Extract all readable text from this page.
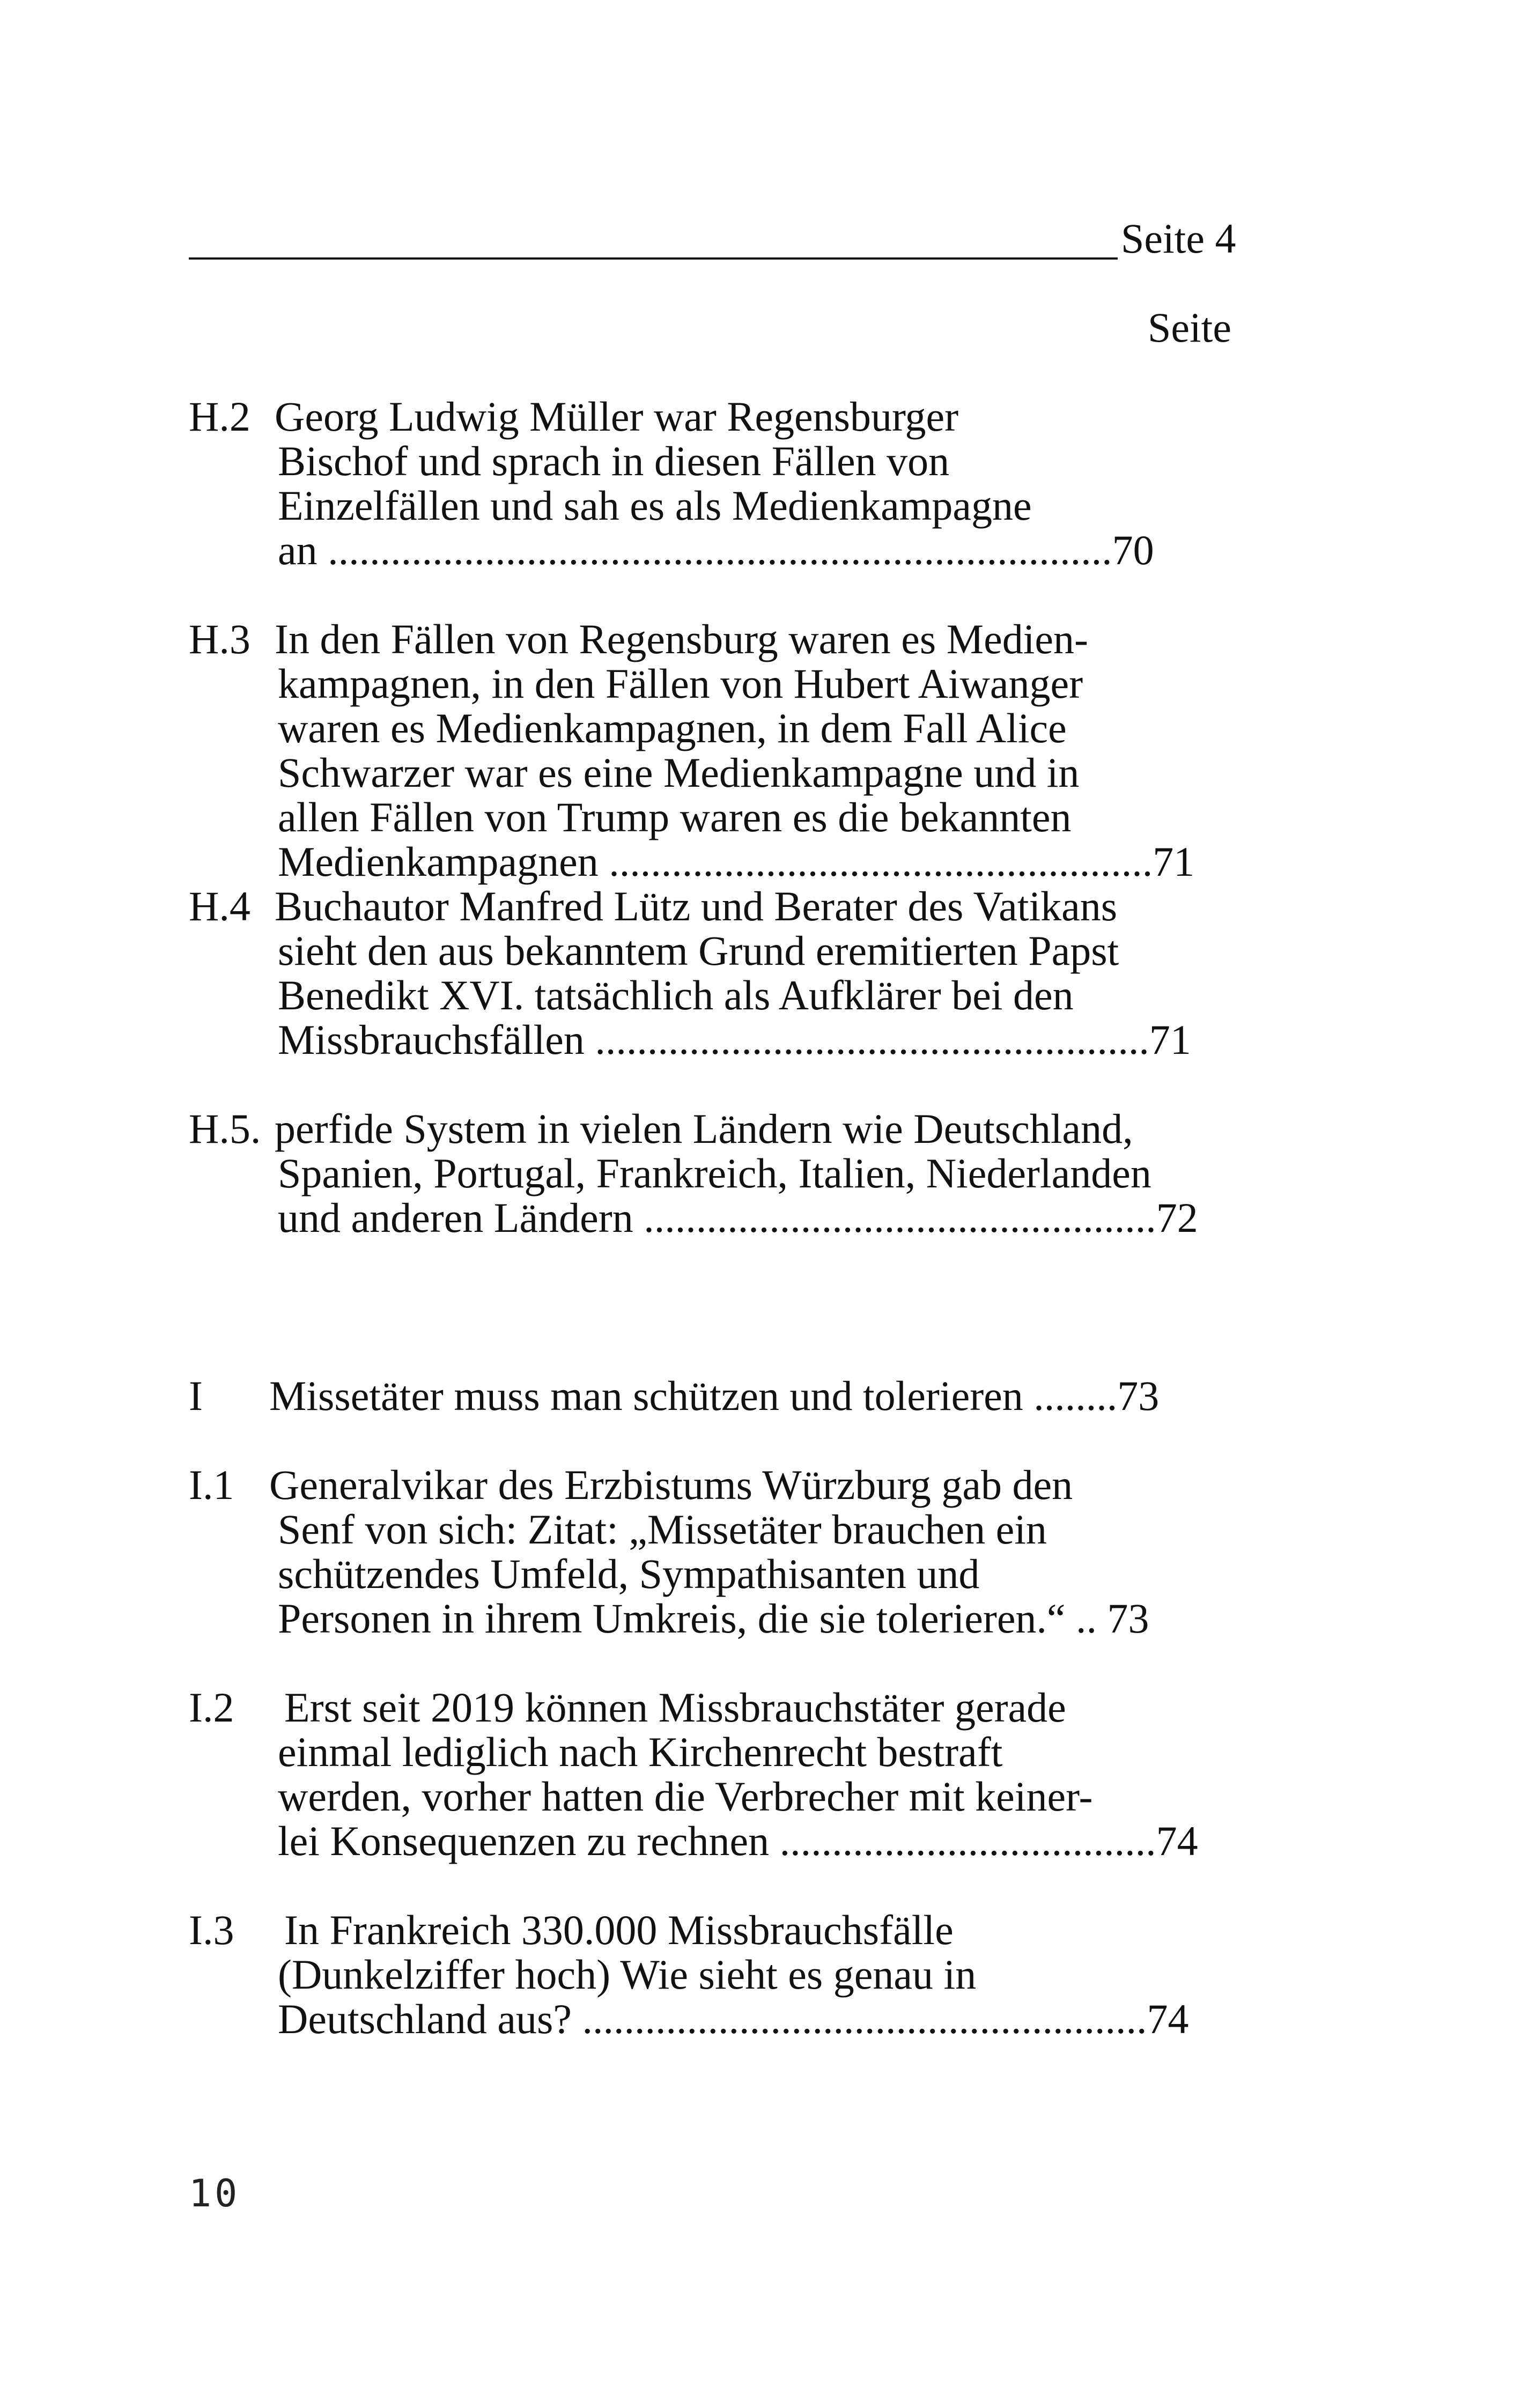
Seite 4
Seite
H.2 Georg Ludwig Müller war Regensburger
Bischof und sprach in diesen Fällen von
Einzelfällen und sah es als Medienkampagne
an ...........................................................................70
H.3 In den Fällen von Regensburg waren es Medien-
kampagnen, in den Fällen von Hubert Aiwanger
waren es Medienkampagnen, in dem Fall Alice
Schwarzer war es eine Medienkampagne und in
allen Fällen von Trump waren es die bekannten
Medienkampagnen ....................................................71
H.4 Buchautor Manfred Lütz und Berater des Vatikans
sieht den aus bekanntem Grund eremitierten Papst
Benedikt XVI. tatsächlich als Aufklärer bei den
Missbrauchsfällen .....................................................71
H.5. perfide System in vielen Ländern wie Deutschland,
Spanien, Portugal, Frankreich, Italien, Niederlanden
und anderen Ländern .................................................72
I Missetäter muss man schützen und tolerieren ........73
I.1 Generalvikar des Erzbistums Würzburg gab den
Senf von sich: Zitat: „Missetäter brauchen ein
schützendes Umfeld, Sympathisanten und
Personen in ihrem Umkreis, die sie tolerieren.“ .. 73
I.2 Erst seit 2019 können Missbrauchstäter gerade
einmal lediglich nach Kirchenrecht bestraft
werden, vorher hatten die Verbrecher mit keiner-
lei Konsequenzen zu rechnen ....................................74
I.3 In Frankreich 330.000 Missbrauchsfälle
(Dunkelziffer hoch) Wie sieht es genau in
Deutschland aus? ......................................................74
10
